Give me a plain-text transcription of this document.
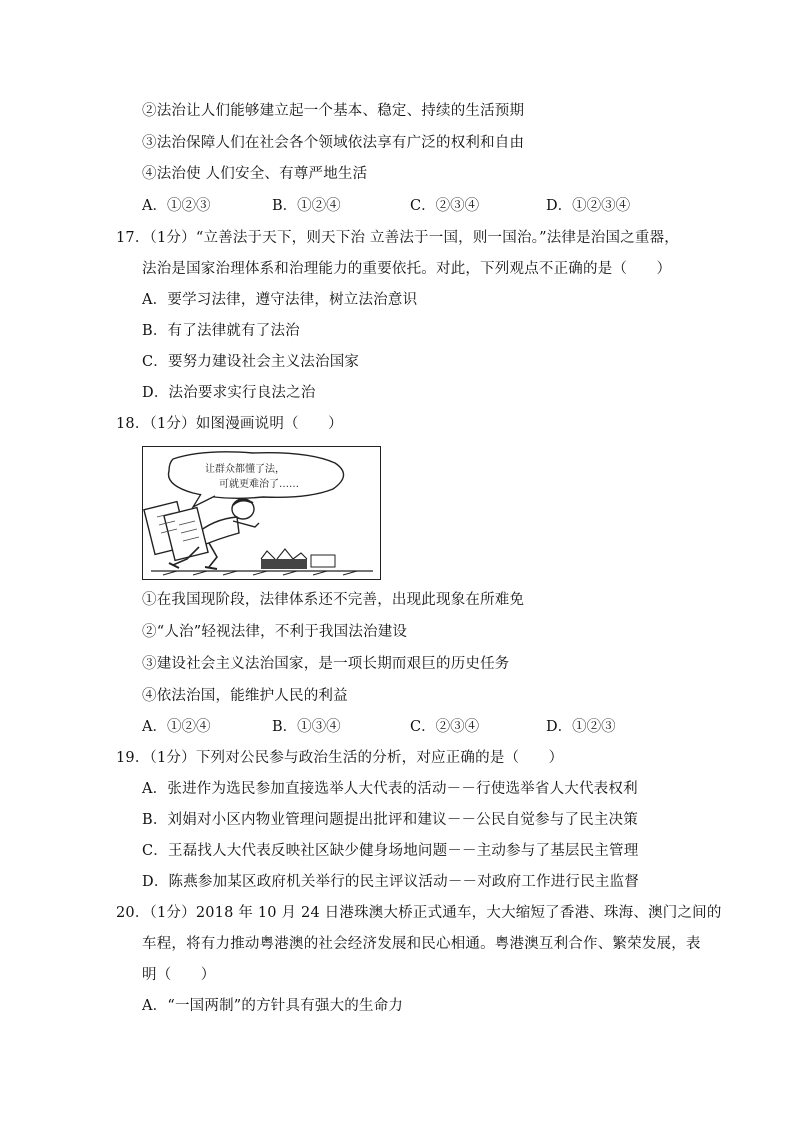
②法治让人们能够建立起一个基本、稳定、持续的生活预期
③法治保障人们在社会各个领域依法享有广泛的权利和自由
④法治使 人们安全、有尊严地生活
A．①②③	B．①②④	C．②③④	D．①②③④
17．（1分）“立善法于天下，则天下治 立善法于一国，则一国治。”法律是治国之重器，
法治是国家治理体系和治理能力的重要依托。对此，下列观点不正确的是（　　）
A．要学习法律，遵守法律，树立法治意识
B．有了法律就有了法治
C．要努力建设社会主义法治国家
D．法治要求实行良法之治
18．（1分）如图漫画说明（　　）
让群众都懂了法，
可就更难治了……
①在我国现阶段，法律体系还不完善，出现此现象在所难免
②“人治”轻视法律，不利于我国法治建设
③建设社会主义法治国家，是一项长期而艰巨的历史任务
④依法治国，能维护人民的利益
A．①②④	B．①③④	C．②③④	D．①②③
19．（1分）下列对公民参与政治生活的分析，对应正确的是（　　）
A．张进作为选民参加直接选举人大代表的活动－－行使选举省人大代表权利
B．刘娟对小区内物业管理问题提出批评和建议－－公民自觉参与了民主决策
C．王磊找人大代表反映社区缺少健身场地问题－－主动参与了基层民主管理
D．陈燕参加某区政府机关举行的民主评议活动－－对政府工作进行民主监督
20．（1分）2018 年 10 月 24 日港珠澳大桥正式通车，大大缩短了香港、珠海、澳门之间的
车程，将有力推动粤港澳的社会经济发展和民心相通。粤港澳互利合作、繁荣发展，表
明（　　）
A．“一国两制”的方针具有强大的生命力
